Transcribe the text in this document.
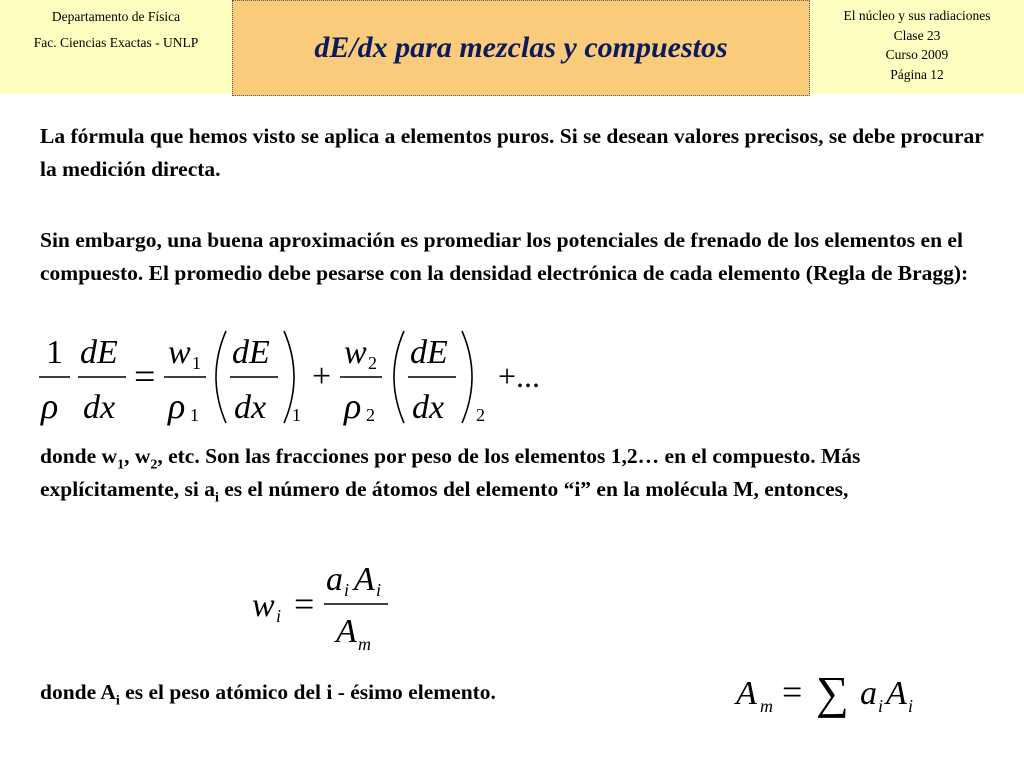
Departamento de Física
Fac. Ciencias Exactas - UNLP	dE/dx para mezclas y compuestos
El núcleo y sus radiaciones
Clase 23
Curso 2009
Página 12
La fórmula que hemos visto se aplica a elementos puros. Si se desean valores precisos, se debe procurar la medición directa.
Sin embargo, una buena aproximación es promediar los potenciales de frenado de los elementos en el compuesto. El promedio debe pesarse con la densidad electrónica de cada elemento (Regla de Bragg):
1
ρ
dE
dx
=
w 1
ρ 1
dE
dx 1
+
w 2
ρ 2
dE
dx 2
+...
donde $w_1$, $w_2$, etc. Son las fracciones por peso de los elementos 1,2… en el compuesto. Más explícitamente, si $a_i$ es el número de átomos del elemento “i” en la molécula M, entonces,
w i =
a i A i
A m
donde $A_i$ es el peso atómico del i - ésimo elemento.	A m = ∑ a i A i
